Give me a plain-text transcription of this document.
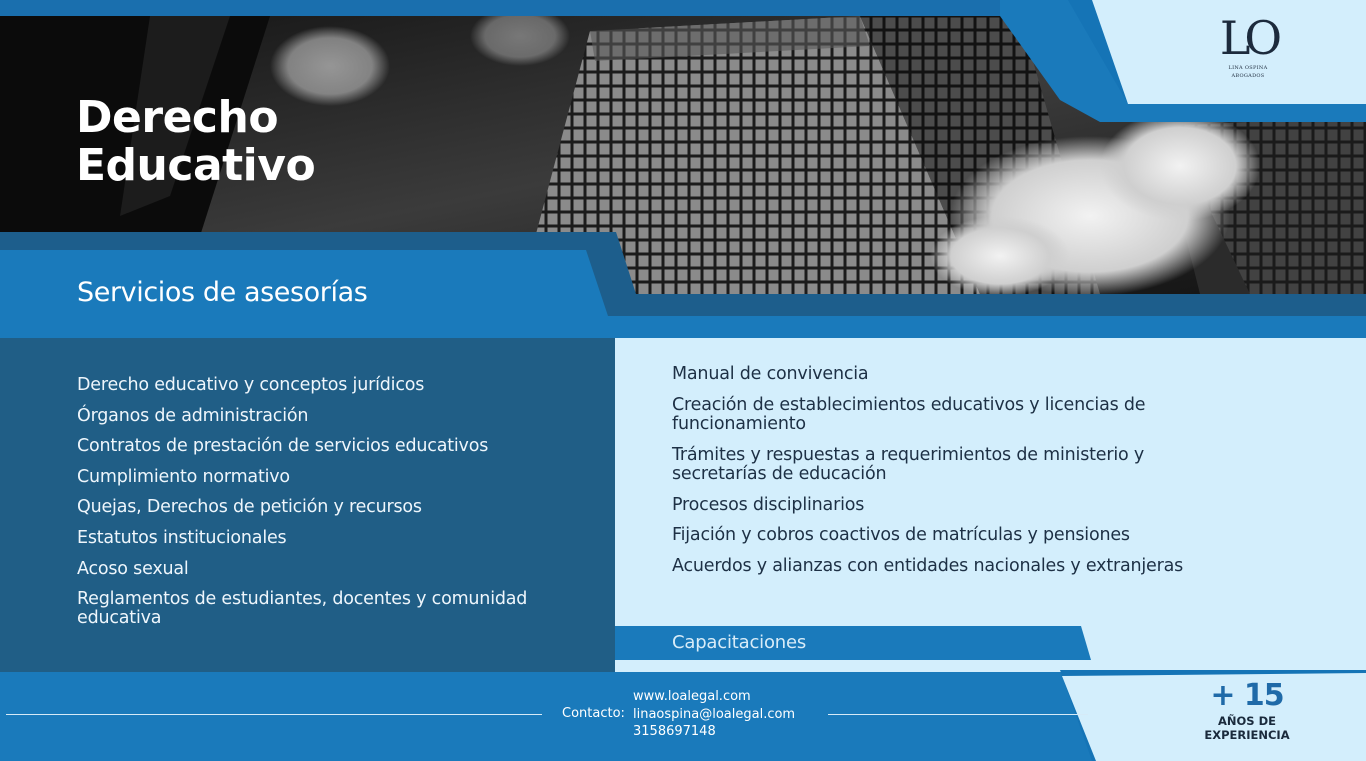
LO
LINA OSPINA
ABOGADOS
Derecho
Educativo
Servicios de asesorías
Derecho educativo y conceptos jurídicos
Órganos de administración
Contratos de prestación de servicios educativos
Cumplimiento normativo
Quejas, Derechos de petición y recursos
Estatutos institucionales
Acoso sexual
Reglamentos de estudiantes, docentes y comunidad educativa
Manual de convivencia
Creación de establecimientos educativos y licencias de funcionamiento
Trámites y respuestas a requerimientos de ministerio y secretarías de educación
Procesos disciplinarios
Fijación y cobros coactivos de matrículas y pensiones
Acuerdos y alianzas con entidades nacionales y extranjeras
Capacitaciones
Contacto:
www.loalegal.com
linaospina@loalegal.com
3158697148
+ 15
AÑOS DE
EXPERIENCIA
